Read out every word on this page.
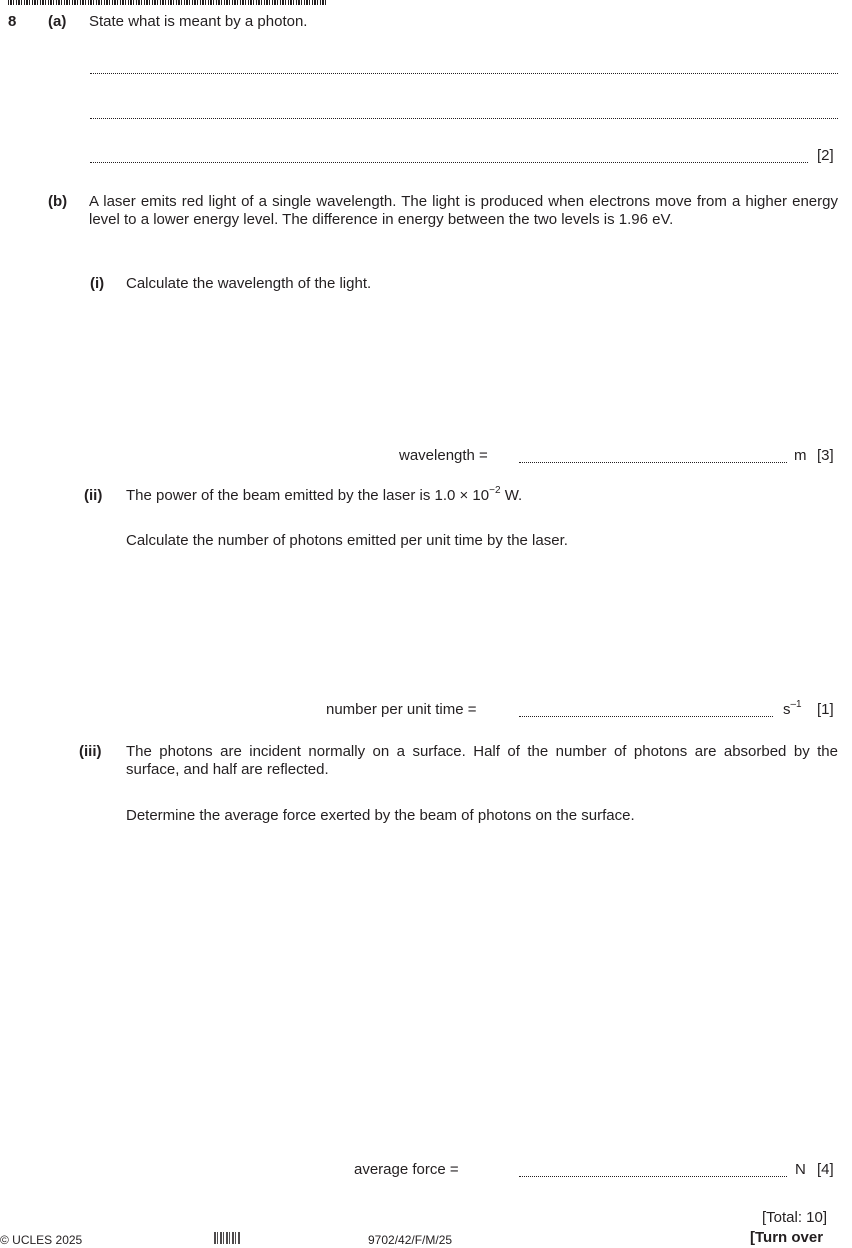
8 (a) State what is meant by a photon.
[2]
(b) A laser emits red light of a single wavelength. The light is produced when electrons move from a higher energy level to a lower energy level. The difference in energy between the two levels is 1.96 eV.
(i) Calculate the wavelength of the light.
wavelength =	m [3]
(ii) The power of the beam emitted by the laser is $1.0 \times 10^{-2}$ W.
Calculate the number of photons emitted per unit time by the laser.
number per unit time =	$s^{-1}$ [1]
(iii) The photons are incident normally on a surface. Half of the number of photons are absorbed by the surface, and half are reflected.
Determine the average force exerted by the beam of photons on the surface.
average force =	N [4]
[Total: 10]
© UCLES 2025	9702/42/F/M/25	[Turn over
